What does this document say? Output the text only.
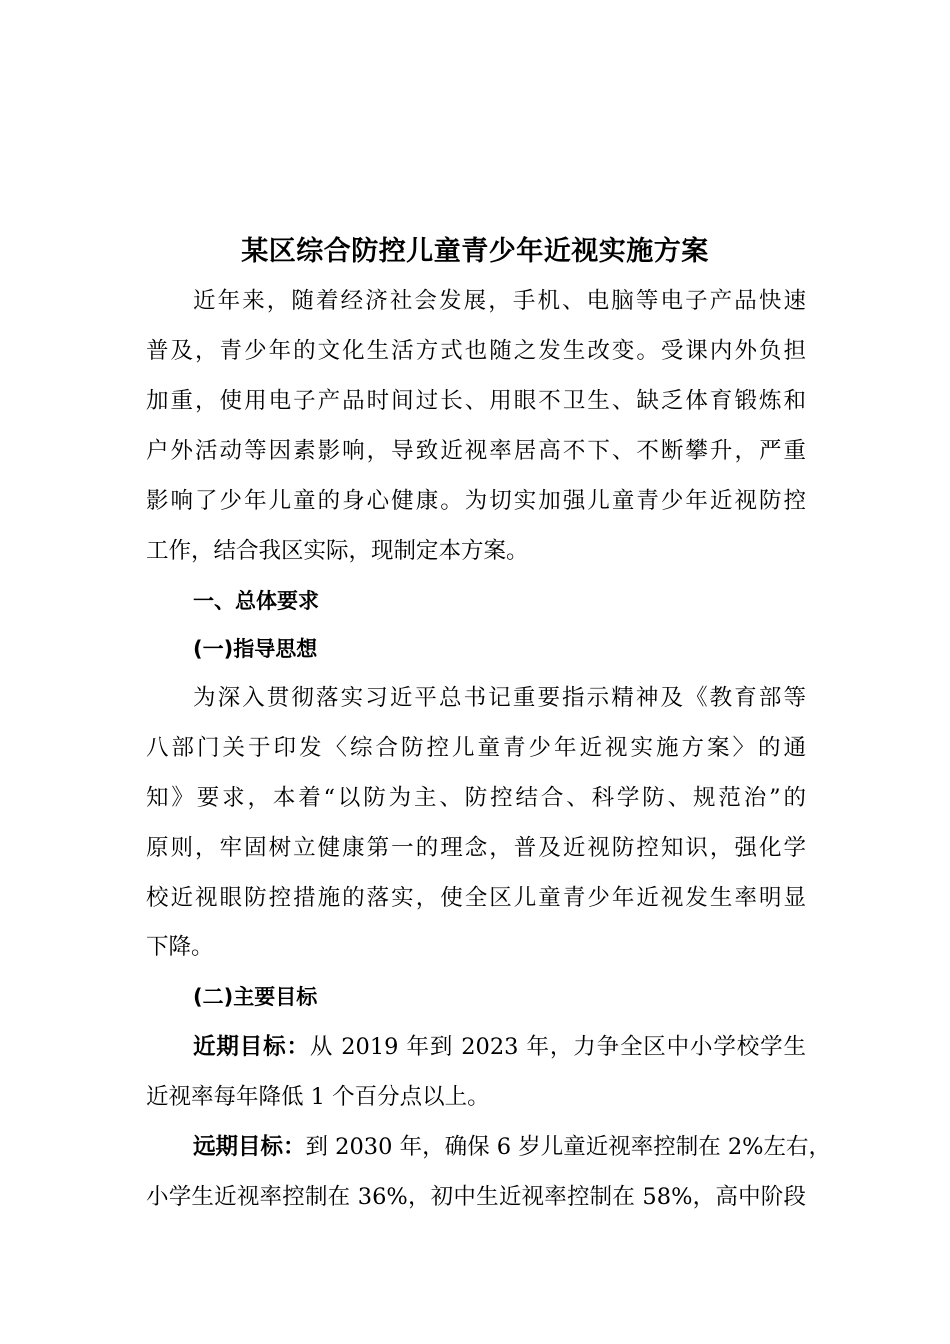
某区综合防控儿童青少年近视实施方案
近年来，随着经济社会发展，手机、电脑等电子产品快速
普及，青少年的文化生活方式也随之发生改变。受课内外负担
加重，使用电子产品时间过长、用眼不卫生、缺乏体育锻炼和
户外活动等因素影响，导致近视率居高不下、不断攀升，严重
影响了少年儿童的身心健康。为切实加强儿童青少年近视防控
工作，结合我区实际，现制定本方案。
一、总体要求
(一)指导思想
为深入贯彻落实习近平总书记重要指示精神及《教育部等
八部门关于印发〈综合防控儿童青少年近视实施方案〉的通
知》要求，本着“以防为主、防控结合、科学防、规范治”的
原则，牢固树立健康第一的理念，普及近视防控知识，强化学
校近视眼防控措施的落实，使全区儿童青少年近视发生率明显
下降。
(二)主要目标
近期目标：从 2019 年到 2023 年，力争全区中小学校学生
近视率每年降低 1 个百分点以上。
远期目标：到 2030 年，确保 6 岁儿童近视率控制在 2%左右，
小学生近视率控制在 36%，初中生近视率控制在 58%，高中阶段
